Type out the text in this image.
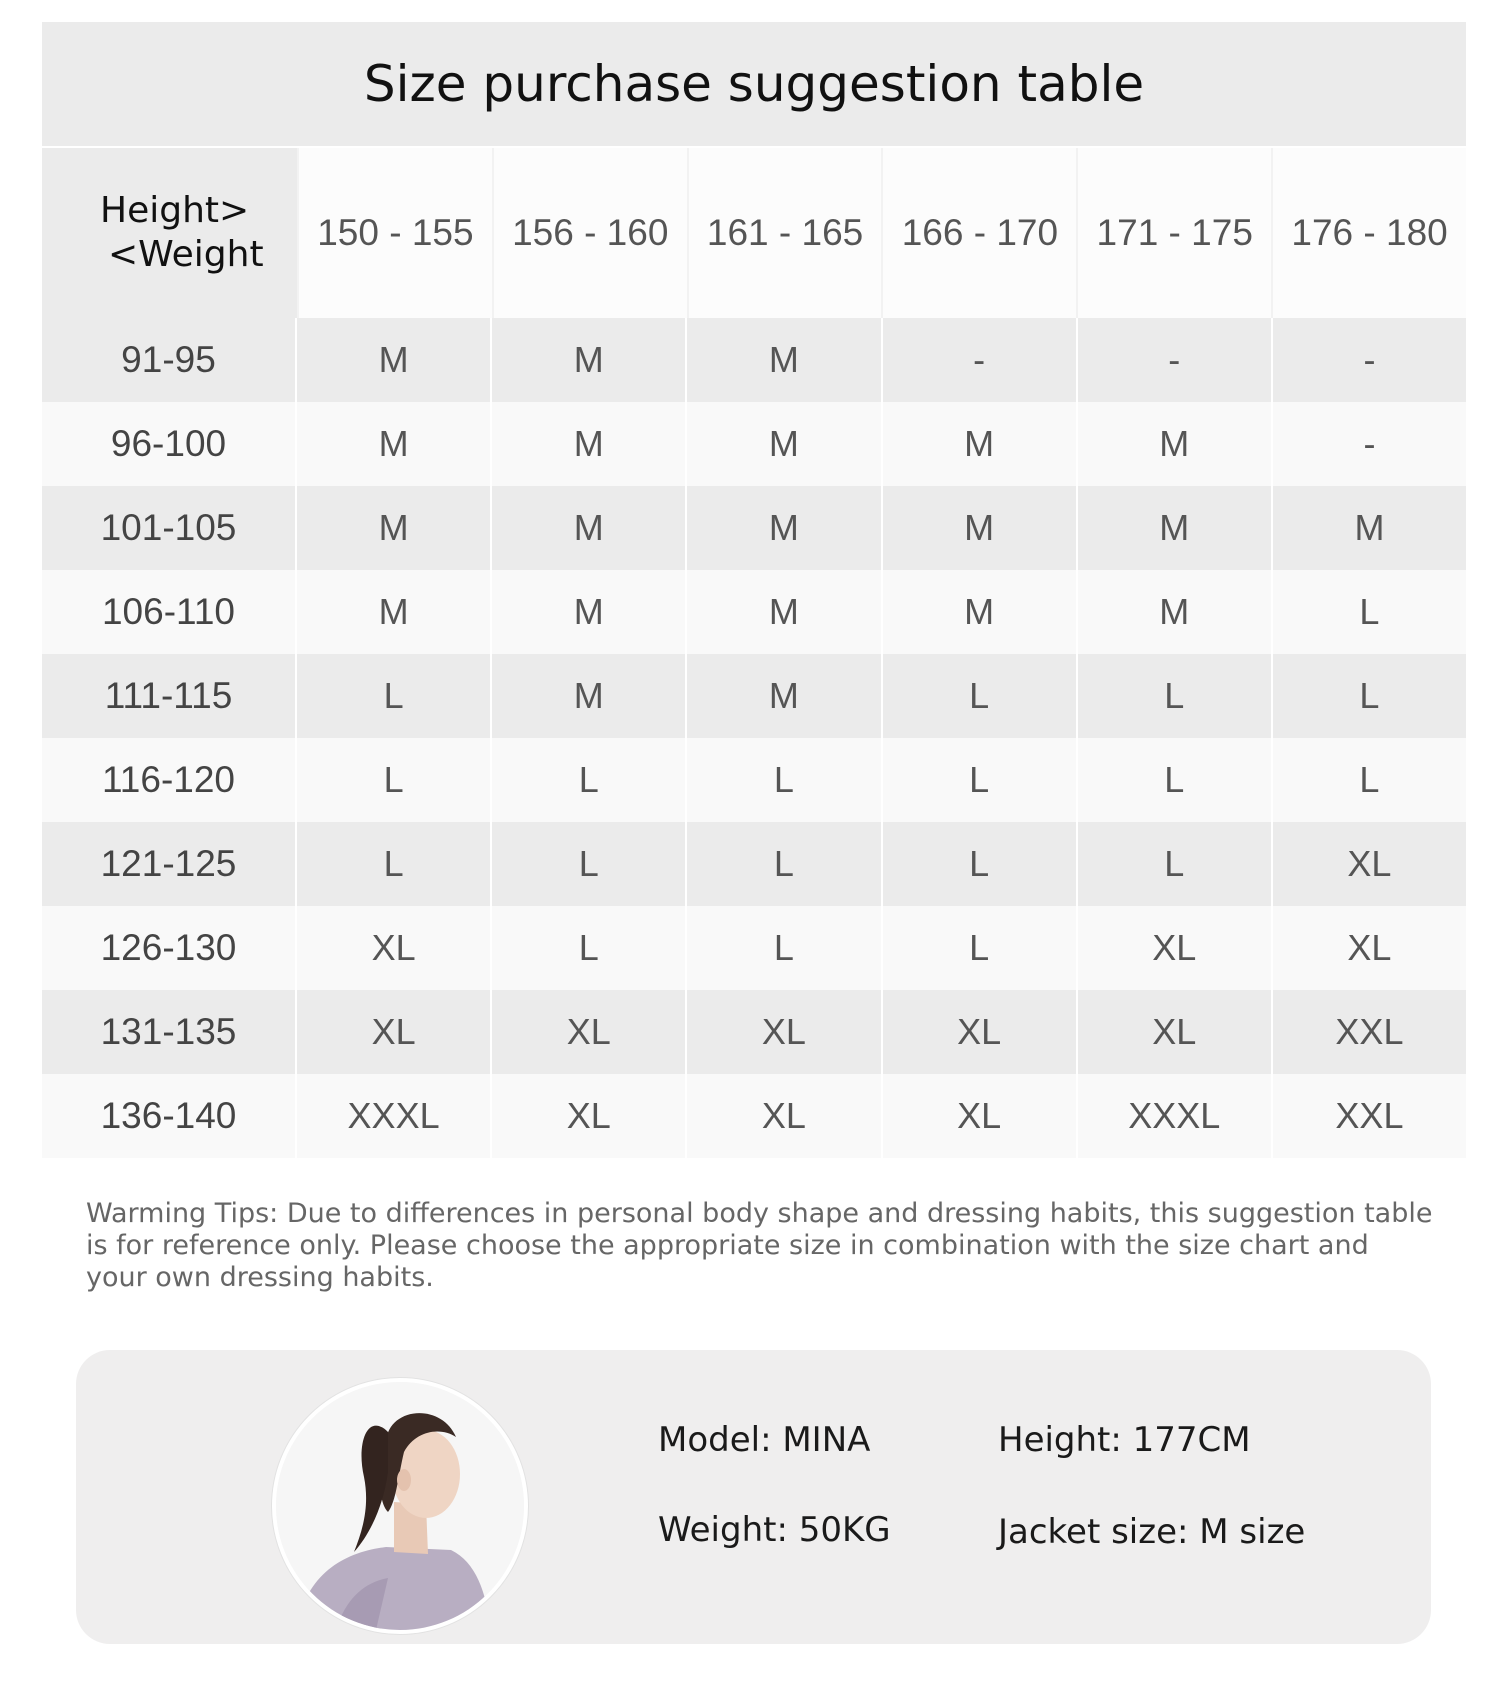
Size purchase suggestion table
Height>
<Weight
150 - 155	156 - 160	161 - 165	166 - 170	171 - 175	176 - 180
91-95	M	M	M	-	-	-
96-100	M	M	M	M	M	-
101-105	M	M	M	M	M	M
106-110	M	M	M	M	M	L
111-115	L	M	M	L	L	L
116-120	L	L	L	L	L	L
121-125	L	L	L	L	L	XL
126-130	XL	L	L	L	XL	XL
131-135	XL	XL	XL	XL	XL	XXL
136-140	XXXL	XL	XL	XL	XXXL	XXL
Warming Tips: Due to differences in personal body shape and dressing habits, this suggestion table is for reference only. Please choose the appropriate size in combination with the size chart and your own dressing habits.
Model: MINA	Height: 177CM
Weight: 50KG	Jacket size: M size
